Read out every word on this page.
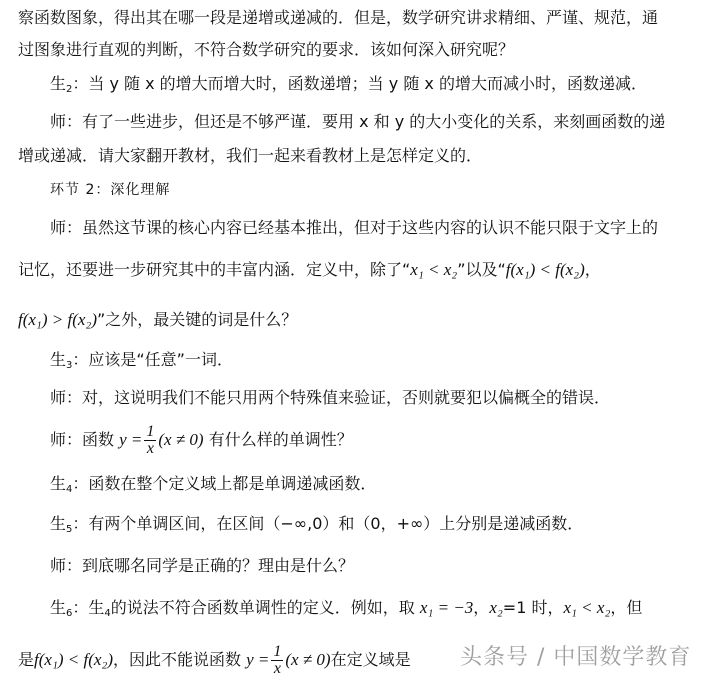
察函数图象，得出其在哪一段是递增或递减的．但是，数学研究讲求精细、严谨、规范，通
过图象进行直观的判断，不符合数学研究的要求．该如何深入研究呢？
生2：当 y 随 x 的增大而增大时，函数递增；当 y 随 x 的增大而减小时，函数递减．
师：有了一些进步，但还是不够严谨．要用 x 和 y 的大小变化的关系，来刻画函数的递
增或递减．请大家翻开教材，我们一起来看教材上是怎样定义的．
环节 2：深化理解
师：虽然这节课的核心内容已经基本推出，但对于这些内容的认识不能只限于文字上的
记忆，还要进一步研究其中的丰富内涵．定义中，除了“x₁ < x₂”以及“f(x₁) < f(x₂)，
f(x₁) > f(x₂)”之外，最关键的词是什么？
生3：应该是“任意”一词．
师：对，这说明我们不能只用两个特殊值来验证，否则就要犯以偏概全的错误．
师：函数 $y = \frac{1}{x} (x \ne 0)$ 有什么样的单调性？
生4：函数在整个定义域上都是单调递减函数．
生5：有两个单调区间，在区间（−∞,0）和（0，+∞）上分别是递减函数．
师：到底哪名同学是正确的？理由是什么？
生6：生4的说法不符合函数单调性的定义．例如，取 x₁ = −3，x₂=1 时，x₁ < x₂，但
是f(x₁) < f(x₂)，因此不能说函数 $y = \frac{1}{x} (x \ne 0)$在定义域是 头条号 / 中国数学教育
